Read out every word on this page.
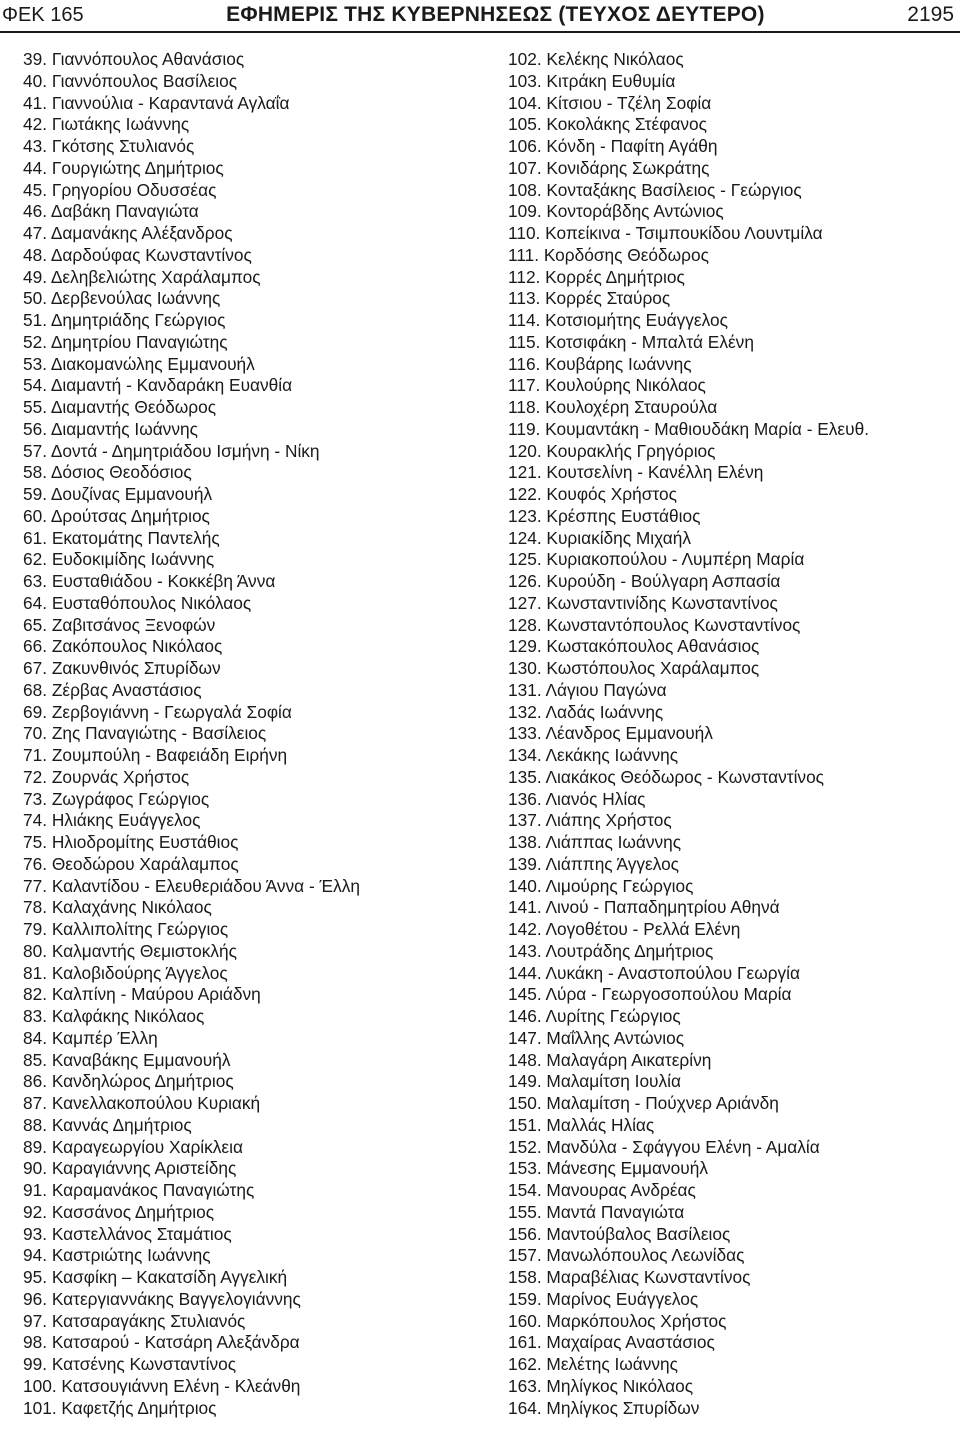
ΦΕΚ 165	ΕΦΗΜΕΡΙΣ ΤΗΣ ΚΥΒΕΡΝΗΣΕΩΣ (ΤΕΥΧΟΣ ΔΕΥΤΕΡΟ)	2195
39. Γιαννόπουλος Αθανάσιος
40. Γιαννόπουλος Βασίλειος
41. Γιαννούλια - Καραντανά Αγλαΐα
42. Γιωτάκης Ιωάννης
43. Γκότσης Στυλιανός
44. Γουργιώτης Δημήτριος
45. Γρηγορίου Οδυσσέας
46. Δαβάκη Παναγιώτα
47. Δαμανάκης Αλέξανδρος
48. Δαρδούφας Κωνσταντίνος
49. Δεληβελιώτης Χαράλαμπος
50. Δερβενούλας Ιωάννης
51. Δημητριάδης Γεώργιος
52. Δημητρίου Παναγιώτης
53. Διακομανώλης Εμμανουήλ
54. Διαμαντή - Κανδαράκη Ευανθία
55. Διαμαντής Θεόδωρος
56. Διαμαντής Ιωάννης
57. Δοντά - Δημητριάδου Ισμήνη - Νίκη
58. Δόσιος Θεοδόσιος
59. Δουζίνας Εμμανουήλ
60. Δρούτσας Δημήτριος
61. Εκατομάτης Παντελής
62. Ευδοκιμίδης Ιωάννης
63. Ευσταθιάδου - Κοκκέβη Άννα
64. Ευσταθόπουλος Νικόλαος
65. Ζαβιτσάνος Ξενοφών
66. Ζακόπουλος Νικόλαος
67. Ζακυνθινός Σπυρίδων
68. Ζέρβας Αναστάσιος
69. Ζερβογιάννη - Γεωργαλά Σοφία
70. Ζης Παναγιώτης - Βασίλειος
71. Ζουμπούλη - Βαφειάδη Ειρήνη
72. Ζουρνάς Χρήστος
73. Ζωγράφος Γεώργιος
74. Ηλιάκης Ευάγγελος
75. Ηλιοδρομίτης Ευστάθιος
76. Θεοδώρου Χαράλαμπος
77. Καλαντίδου - Ελευθεριάδου Άννα - Έλλη
78. Καλαχάνης Νικόλαος
79. Καλλιπολίτης Γεώργιος
80. Καλμαντής Θεμιστοκλής
81. Καλοβιδούρης Άγγελος
82. Καλπίνη - Μαύρου Αριάδνη
83. Καλφάκης Νικόλαος
84. Καμπέρ Έλλη
85. Καναβάκης Εμμανουήλ
86. Κανδηλώρος Δημήτριος
87. Κανελλακοπούλου Κυριακή
88. Καννάς Δημήτριος
89. Καραγεωργίου Χαρίκλεια
90. Καραγιάννης Αριστείδης
91. Καραμανάκος Παναγιώτης
92. Κασσάνος Δημήτριος
93. Καστελλάνος Σταμάτιος
94. Καστριώτης Ιωάννης
95. Κασφίκη – Κακατσίδη Αγγελική
96. Κατεργιαννάκης Βαγγελογιάννης
97. Κατσαραγάκης Στυλιανός
98. Κατσαρού - Κατσάρη Αλεξάνδρα
99. Κατσένης Κωνσταντίνος
100. Κατσουγιάννη Ελένη - Κλεάνθη
101. Καφετζής Δημήτριος
102. Κελέκης Νικόλαος
103. Κιτράκη Ευθυμία
104. Κίτσιου - Τζέλη Σοφία
105. Κοκολάκης Στέφανος
106. Κόνδη - Παφίτη Αγάθη
107. Κονιδάρης Σωκράτης
108. Κονταξάκης Βασίλειος - Γεώργιος
109. Κοντοράβδης Αντώνιος
110. Κοπείκινα - Τσιμπουκίδου Λουντμίλα
111. Κορδόσης Θεόδωρος
112. Κορρές Δημήτριος
113. Κορρές Σταύρος
114. Κοτσιομήτης Ευάγγελος
115. Κοτσιφάκη - Μπαλτά Ελένη
116. Κουβάρης Ιωάννης
117. Κουλούρης Νικόλαος
118. Κουλοχέρη Σταυρούλα
119. Κουμαντάκη - Μαθιουδάκη Μαρία - Ελευθ.
120. Κουρακλής Γρηγόριος
121. Κουτσελίνη - Κανέλλη Ελένη
122. Κουφός Χρήστος
123. Κρέσπης Ευστάθιος
124. Κυριακίδης Μιχαήλ
125. Κυριακοπούλου - Λυμπέρη Μαρία
126. Κυρούδη - Βούλγαρη Ασπασία
127. Κωνσταντινίδης Κωνσταντίνος
128. Κωνσταντόπουλος Κωνσταντίνος
129. Κωστακόπουλος Αθανάσιος
130. Κωστόπουλος Χαράλαμπος
131. Λάγιου Παγώνα
132. Λαδάς Ιωάννης
133. Λέανδρος Εμμανουήλ
134. Λεκάκης Ιωάννης
135. Λιακάκος Θεόδωρος - Κωνσταντίνος
136. Λιανός Ηλίας
137. Λιάπης Χρήστος
138. Λιάππας Ιωάννης
139. Λιάππης Άγγελος
140. Λιμούρης Γεώργιος
141. Λινού - Παπαδημητρίου Αθηνά
142. Λογοθέτου - Ρελλά Ελένη
143. Λουτράδης Δημήτριος
144. Λυκάκη - Αναστοπούλου Γεωργία
145. Λύρα - Γεωργοσοπούλου Μαρία
146. Λυρίτης Γεώργιος
147. Μαΐλλης Αντώνιος
148. Μαλαγάρη Αικατερίνη
149. Μαλαμίτση Ιουλία
150. Μαλαμίτση - Πούχνερ Αριάνδη
151. Μαλλάς Ηλίας
152. Μανδύλα - Σφάγγου Ελένη - Αμαλία
153. Μάνεσης Εμμανουήλ
154. Μανουρας Ανδρέας
155. Μαντά Παναγιώτα
156. Μαντούβαλος Βασίλειος
157. Μανωλόπουλος Λεωνίδας
158. Μαραβέλιας Κωνσταντίνος
159. Μαρίνος Ευάγγελος
160. Μαρκόπουλος Χρήστος
161. Μαχαίρας Αναστάσιος
162. Μελέτης Ιωάννης
163. Μηλίγκος Νικόλαος
164. Μηλίγκος Σπυρίδων
